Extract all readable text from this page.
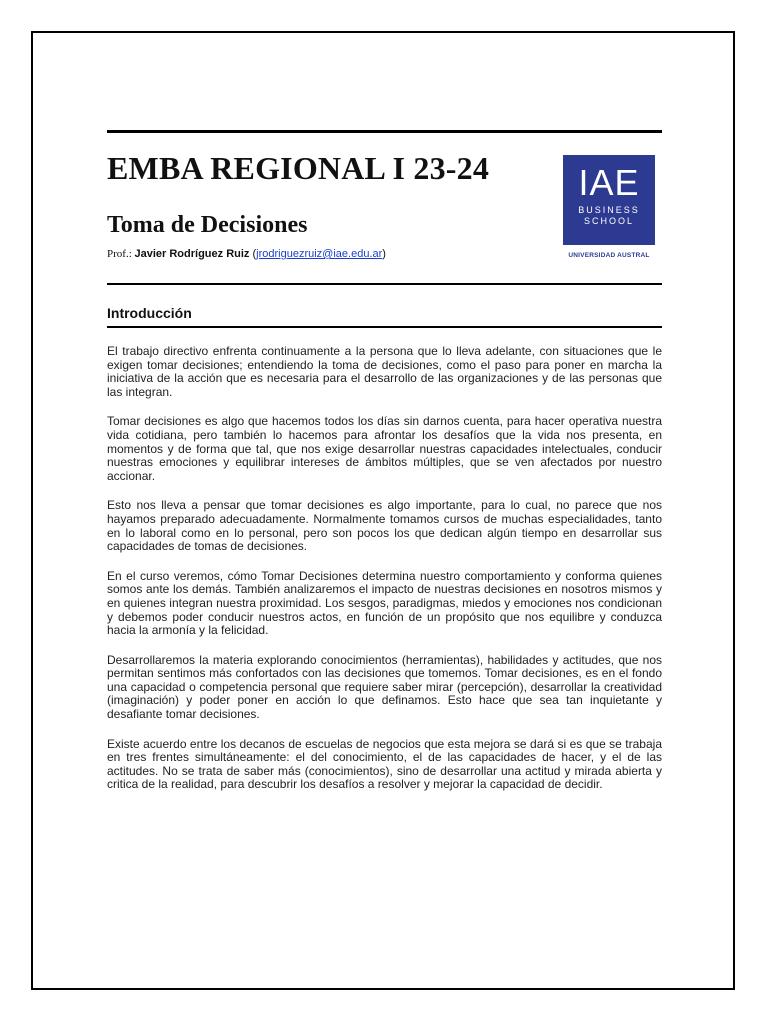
EMBA REGIONAL I 23-24
Toma de Decisiones
Prof.: Javier Rodríguez Ruiz (jrodriguezruiz@iae.edu.ar)
IAE
BUSINESS
SCHOOL
UNIVERSIDAD AUSTRAL
Introducción

El trabajo directivo enfrenta continuamente a la persona que lo lleva adelante, con situaciones que le exigen tomar decisiones; entendiendo la toma de decisiones, como el paso para poner en marcha la iniciativa de la acción que es necesaria para el desarrollo de las organizaciones y de las personas que las integran.

Tomar decisiones es algo que hacemos todos los días sin darnos cuenta, para hacer operativa nuestra vida cotidiana, pero también lo hacemos para afrontar los desafíos que la vida nos presenta, en momentos y de forma que tal, que nos exige desarrollar nuestras capacidades intelectuales, conducir nuestras emociones y equilibrar intereses de ámbitos múltiples, que se ven afectados por nuestro accionar.

Esto nos lleva a pensar que tomar decisiones es algo importante, para lo cual, no parece que nos hayamos preparado adecuadamente. Normalmente tomamos cursos de muchas especialidades, tanto en lo laboral como en lo personal, pero son pocos los que dedican algún tiempo en desarrollar sus capacidades de tomas de decisiones.

En el curso veremos, cómo Tomar Decisiones determina nuestro comportamiento y conforma quienes somos ante los demás. También analizaremos el impacto de nuestras decisiones en nosotros mismos y en quienes integran nuestra proximidad. Los sesgos, paradigmas, miedos y emociones nos condicionan y debemos poder conducir nuestros actos, en función de un propósito que nos equilibre y conduzca hacia la armonía y la felicidad.

Desarrollaremos la materia explorando conocimientos (herramientas), habilidades y actitudes, que nos permitan sentimos más confortados con las decisiones que tomemos. Tomar decisiones, es en el fondo una capacidad o competencia personal que requiere saber mirar (percepción), desarrollar la creatividad (imaginación) y poder poner en acción lo que definamos. Esto hace que sea tan inquietante y desafiante tomar decisiones.

Existe acuerdo entre los decanos de escuelas de negocios que esta mejora se dará si es que se trabaja en tres frentes simultáneamente: el del conocimiento, el de las capacidades de hacer, y el de las actitudes. No se trata de saber más (conocimientos), sino de desarrollar una actitud y mirada abierta y critica de la realidad, para descubrir los desafíos a resolver y mejorar la capacidad de decidir.
